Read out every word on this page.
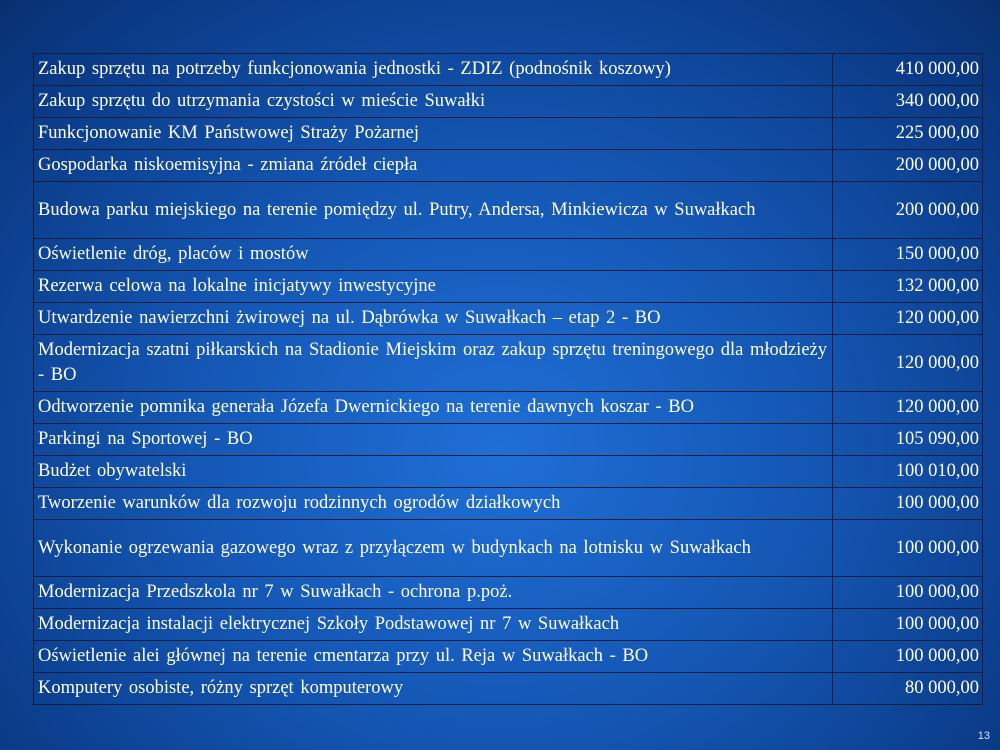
Zakup sprzętu na potrzeby funkcjonowania jednostki - ZDIZ (podnośnik koszowy)	410 000,00
Zakup sprzętu do utrzymania czystości w mieście Suwałki	340 000,00
Funkcjonowanie KM Państwowej Straży Pożarnej	225 000,00
Gospodarka niskoemisyjna - zmiana źródeł ciepła	200 000,00
Budowa parku miejskiego na terenie pomiędzy ul. Putry, Andersa, Minkiewicza w Suwałkach	200 000,00
Oświetlenie dróg, placów i mostów	150 000,00
Rezerwa celowa na lokalne inicjatywy inwestycyjne	132 000,00
Utwardzenie nawierzchni żwirowej na ul. Dąbrówka w Suwałkach – etap 2 - BO	120 000,00
Modernizacja szatni piłkarskich na Stadionie Miejskim oraz zakup sprzętu treningowego dla młodzieży - BO	120 000,00
Odtworzenie pomnika generała Józefa Dwernickiego na terenie dawnych koszar - BO	120 000,00
Parkingi na Sportowej - BO	105 090,00
Budżet obywatelski	100 010,00
Tworzenie warunków dla rozwoju rodzinnych ogrodów działkowych	100 000,00
Wykonanie ogrzewania gazowego wraz z przyłączem w budynkach na lotnisku w Suwałkach	100 000,00
Modernizacja Przedszkola nr 7 w Suwałkach - ochrona p.poż.	100 000,00
Modernizacja instalacji elektrycznej Szkoły Podstawowej nr 7 w Suwałkach	100 000,00
Oświetlenie alei głównej na terenie cmentarza przy ul. Reja w Suwałkach - BO	100 000,00
Komputery osobiste, różny sprzęt komputerowy	80 000,00
13
